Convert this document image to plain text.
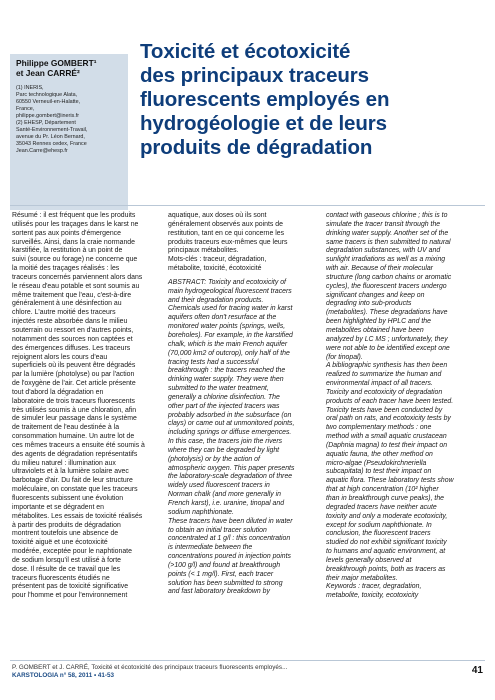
Philippe GOMBERT¹
et Jean CARRÉ²
(1) INERIS,
Parc technologique Alata,
60550 Verneuil-en-Halatte,
France,
philippe.gombert@ineris.fr
(2) EHESP, Département
Santé-Environnement-Travail,
avenue du Pr. Léon Bernard,
35043 Rennes cedex, France
Jean.Carre@ehesp.fr
Toxicité et écotoxicité
des principaux traceurs
fluorescents employés en
hydrogéologie et de leurs
produits de dégradation
Résumé : il est fréquent que les produits
utilisés pour les traçages dans le karst ne
sortent pas aux points d'émergence
surveillés. Ainsi, dans la craie normande
karstifiée, la restitution à un point de
suivi (source ou forage) ne concerne que
la moitié des traçages réalisés : les
traceurs concernés parviennent alors dans
le réseau d'eau potable et sont soumis au
même traitement que l'eau, c'est-à-dire
généralement à une désinfection au
chlore. L'autre moitié des traceurs
injectés reste absorbée dans le milieu
souterrain ou ressort en d'autres points,
notamment des sources non captées et
des émergences diffuses. Les traceurs
rejoignent alors les cours d'eau
superficiels où ils peuvent être dégradés
par la lumière (photolyse) ou par l'action
de l'oxygène de l'air. Cet article présente
tout d'abord la dégradation en
laboratoire de trois traceurs fluorescents
très utilisés soumis à une chloration, afin
de simuler leur passage dans le système
de traitement de l'eau destinée à la
consommation humaine. Un autre lot de
ces mêmes traceurs a ensuite été soumis à
des agents de dégradation représentatifs
du milieu naturel : illumination aux
ultraviolets et à la lumière solaire avec
barbotage d'air. Du fait de leur structure
moléculaire, on constate que les traceurs
fluorescents subissent une évolution
importante et se dégradent en
métabolites. Les essais de toxicité réalisés
à partir des produits de dégradation
montrent toutefois une absence de
toxicité aiguë et une écotoxicité
modérée, exceptée pour le naphtionate
de sodium lorsqu'il est utilisé à forte
dose. Il résulte de ce travail que les
traceurs fluorescents étudiés ne
présentent pas de toxicité significative
pour l'homme et pour l'environnement
aquatique, aux doses où ils sont
généralement observés aux points de
restitution, tant en ce qui concerne les
produits traceurs eux-mêmes que leurs
principaux métabolites.
Mots-clés : traceur, dégradation,
métabolite, toxicité, écotoxicité
ABSTRACT: Toxicity and ecotoxicity of
main hydrogeological fluorescent tracers
and their degradation products.
Chemicals used for tracing water in karst
aquifers often don't resurface at the
monitored water points (springs, wells,
boreholes). For example, in the karstified
chalk, which is the main French aquifer
(70,000 km2 of outcrop), only half of the
tracing tests had a successful
breakthrough : the tracers reached the
drinking water supply. They were then
submitted to the water treatment,
generally a chlorine disinfection. The
other part of the injected tracers was
probably adsorbed in the subsurface (on
clays) or came out at unmonitored points,
including springs or diffuse emergences.
In this case, the tracers join the rivers
where they can be degraded by light
(photolysis) or by the action of
atmospheric oxygen. This paper presents
the laboratory-scale degradation of three
widely used fluorescent tracers in
Norman chalk (and more generally in
French karst), i.e. uranine, tinopal and
sodium naphthionate.
These tracers have been diluted in water
to obtain an initial tracer solution
concentrated at 1 g/l : this concentration
is intermediate between the
concentrations poured in injection points
(>100 g/l) and found at breakthrough
points (< 1 mg/l). First, each tracer
solution has been submitted to strong
and fast laboratory breakdown by
contact with gaseous chlorine ; this is to
simulate the tracer transit through the
drinking water supply. Another set of the
same tracers is then submitted to natural
degradation substances, with UV and
sunlight irradiations as well as a mixing
with air. Because of their molecular
structure (long carbon chains or aromatic
cycles), the fluorescent tracers undergo
significant changes and keep on
degrading into sub-products
(metabolites). These degradations have
been highlighted by HPLC and the
metabolites obtained have been
analyzed by LC MS ; unfortunately, they
were not able to be identified except one
(for tinopal).
A bibliographic synthesis has then been
realized to summarize the human and
environmental impact of all tracers.
Toxicity and ecotoxicity of degradation
products of each tracer have been tested.
Toxicity tests have been conducted by
oral path on rats, and ecotoxicity tests by
two complementary methods : one
method with a small aquatic crustacean
(Daphnia magna) to test their impact on
aquatic fauna, the other method on
micro-algae (Pseudokirchneriella
subcapitata) to test their impact on
aquatic flora. These laboratory tests show
that at high concentration (10² higher
than in breakthrough curve peaks), the
degraded tracers have neither acute
toxicity and only a moderate ecotoxicity,
except for sodium naphthionate. In
conclusion, the fluorescent tracers
studied do not exhibit significant toxicity
to humans and aquatic environment, at
levels generally observed at
breakthrough points, both as tracers as
their major metabolites.
Keywords : tracer, degradation,
metabolite, toxicity, ecotoxicity
P. GOMBERT et J. CARRÉ, Toxicité et écotoxicité des principaux traceurs fluorescents employés...
KARSTOLOGIA n° 58, 2011 • 41-53	41
